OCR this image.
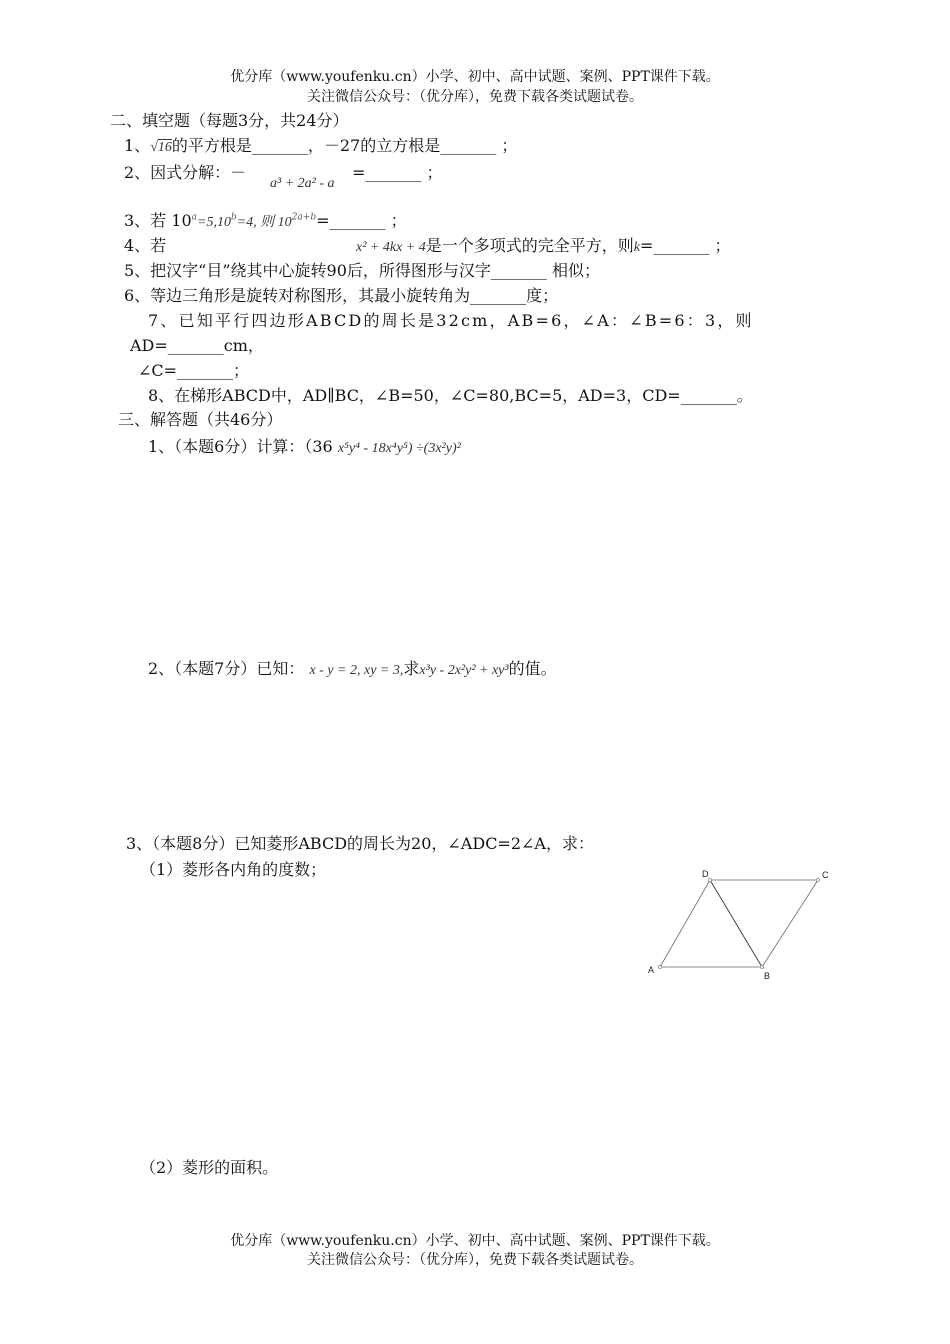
优分库（www.youfenku.cn）小学、初中、高中试题、案例、PPT课件下载。
关注微信公众号：（优分库），免费下载各类试题试卷。
二、填空题（每题3分，共24分）
1、√16的平方根是_______，－27的立方根是_______ ；
2、因式分解：－
a³ + 2a² - a
=_______ ；
3、若 $10^a=5,10^b=4$, 则 $10^{2a+b}=\_\_\_\_\_\_\_$ ；
4、若	x² + 4kx + 4是一个多项式的完全平方，则k=_______ ；
5、把汉字“目”绕其中心旋转90后，所得图形与汉字_______ 相似；
6、等边三角形是旋转对称图形，其最小旋转角为_______度；
7、已知平行四边形ABCD的周长是32cm，AB=6，∠A：∠B=6：3，则
AD=_______cm，
∠C=_______；
8、在梯形ABCD中，AD∥BC，∠B=50，∠C=80,BC=5，AD=3，CD=_______。
三、解答题（共46分）
1、（本题6分）计算：（36 x⁵y⁴ - 18x⁴y⁵) ÷(3x²y)²
2、（本题7分）已知： x - y = 2, xy = 3,求x³y - 2x²y² + xy³的值。
3、（本题8分）已知菱形ABCD的周长为20，∠ADC=2∠A，求：
（1）菱形各内角的度数；
A
B
C
D
（2）菱形的面积。
优分库（www.youfenku.cn）小学、初中、高中试题、案例、PPT课件下载。
关注微信公众号：（优分库），免费下载各类试题试卷。
